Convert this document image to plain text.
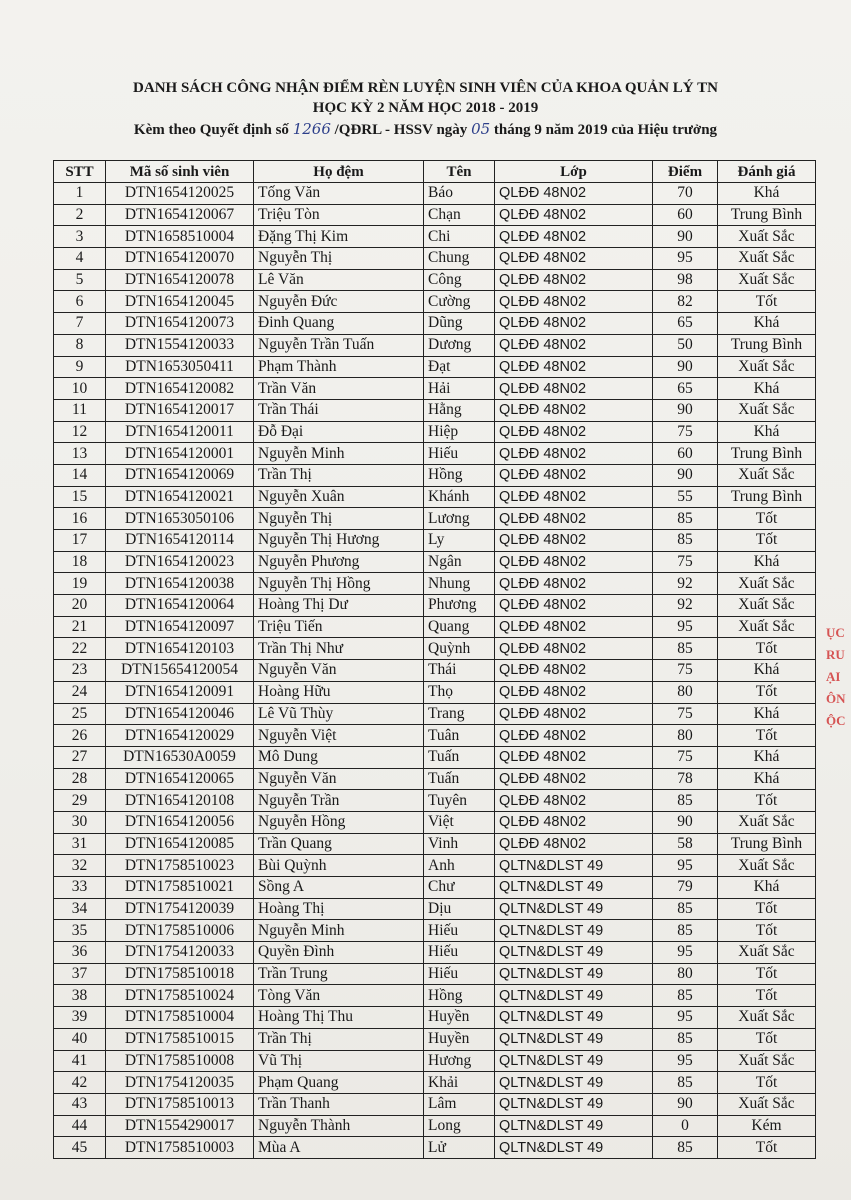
DANH SÁCH CÔNG NHẬN ĐIỂM RÈN LUYỆN SINH VIÊN CỦA KHOA QUẢN LÝ TN
HỌC KỲ 2 NĂM HỌC 2018 - 2019
Kèm theo Quyết định số 1266 /QĐRL - HSSV ngày 05 tháng 9 năm 2019 của Hiệu trưởng
STT	Mã số sinh viên	Họ đệm	Tên	Lớp	Điểm	Đánh giá
1	DTN1654120025	Tống Văn	Báo	QLĐĐ 48N02	70	Khá
2	DTN1654120067	Triệu Tòn	Chạn	QLĐĐ 48N02	60	Trung Bình
3	DTN1658510004	Đặng Thị Kim	Chi	QLĐĐ 48N02	90	Xuất Sắc
4	DTN1654120070	Nguyễn Thị	Chung	QLĐĐ 48N02	95	Xuất Sắc
5	DTN1654120078	Lê Văn	Công	QLĐĐ 48N02	98	Xuất Sắc
6	DTN1654120045	Nguyễn Đức	Cường	QLĐĐ 48N02	82	Tốt
7	DTN1654120073	Đinh Quang	Dũng	QLĐĐ 48N02	65	Khá
8	DTN1554120033	Nguyễn Trần Tuấn	Dương	QLĐĐ 48N02	50	Trung Bình
9	DTN1653050411	Phạm Thành	Đạt	QLĐĐ 48N02	90	Xuất Sắc
10	DTN1654120082	Trần Văn	Hải	QLĐĐ 48N02	65	Khá
11	DTN1654120017	Trần Thái	Hằng	QLĐĐ 48N02	90	Xuất Sắc
12	DTN1654120011	Đỗ Đại	Hiệp	QLĐĐ 48N02	75	Khá
13	DTN1654120001	Nguyễn Minh	Hiếu	QLĐĐ 48N02	60	Trung Bình
14	DTN1654120069	Trần Thị	Hồng	QLĐĐ 48N02	90	Xuất Sắc
15	DTN1654120021	Nguyễn Xuân	Khánh	QLĐĐ 48N02	55	Trung Bình
16	DTN1653050106	Nguyễn Thị	Lương	QLĐĐ 48N02	85	Tốt
17	DTN1654120114	Nguyễn Thị Hương	Ly	QLĐĐ 48N02	85	Tốt
18	DTN1654120023	Nguyễn Phương	Ngân	QLĐĐ 48N02	75	Khá
19	DTN1654120038	Nguyễn Thị Hồng	Nhung	QLĐĐ 48N02	92	Xuất Sắc
20	DTN1654120064	Hoàng Thị Dư	Phương	QLĐĐ 48N02	92	Xuất Sắc
21	DTN1654120097	Triệu Tiến	Quang	QLĐĐ 48N02	95	Xuất Sắc
22	DTN1654120103	Trần Thị Như	Quỳnh	QLĐĐ 48N02	85	Tốt
23	DTN15654120054	Nguyễn Văn	Thái	QLĐĐ 48N02	75	Khá
24	DTN1654120091	Hoàng Hữu	Thọ	QLĐĐ 48N02	80	Tốt
25	DTN1654120046	Lê Vũ Thùy	Trang	QLĐĐ 48N02	75	Khá
26	DTN1654120029	Nguyễn Việt	Tuân	QLĐĐ 48N02	80	Tốt
27	DTN16530A0059	Mô Dung	Tuấn	QLĐĐ 48N02	75	Khá
28	DTN1654120065	Nguyễn Văn	Tuấn	QLĐĐ 48N02	78	Khá
29	DTN1654120108	Nguyễn Trần	Tuyên	QLĐĐ 48N02	85	Tốt
30	DTN1654120056	Nguyễn Hồng	Việt	QLĐĐ 48N02	90	Xuất Sắc
31	DTN1654120085	Trần Quang	Vinh	QLĐĐ 48N02	58	Trung Bình
32	DTN1758510023	Bùi Quỳnh	Anh	QLTN&DLST 49	95	Xuất Sắc
33	DTN1758510021	Sồng A	Chư	QLTN&DLST 49	79	Khá
34	DTN1754120039	Hoàng Thị	Dịu	QLTN&DLST 49	85	Tốt
35	DTN1758510006	Nguyễn Minh	Hiếu	QLTN&DLST 49	85	Tốt
36	DTN1754120033	Quyền Đình	Hiếu	QLTN&DLST 49	95	Xuất Sắc
37	DTN1758510018	Trần Trung	Hiếu	QLTN&DLST 49	80	Tốt
38	DTN1758510024	Tòng Văn	Hồng	QLTN&DLST 49	85	Tốt
39	DTN1758510004	Hoàng Thị Thu	Huyền	QLTN&DLST 49	95	Xuất Sắc
40	DTN1758510015	Trần Thị	Huyền	QLTN&DLST 49	85	Tốt
41	DTN1758510008	Vũ Thị	Hương	QLTN&DLST 49	95	Xuất Sắc
42	DTN1754120035	Phạm Quang	Khải	QLTN&DLST 49	85	Tốt
43	DTN1758510013	Trần Thanh	Lâm	QLTN&DLST 49	90	Xuất Sắc
44	DTN1554290017	Nguyễn Thành	Long	QLTN&DLST 49	0	Kém
45	DTN1758510003	Mùa A	Lử	QLTN&DLST 49	85	Tốt
ỤC
RU
ẠI
ÔN
ỘC
